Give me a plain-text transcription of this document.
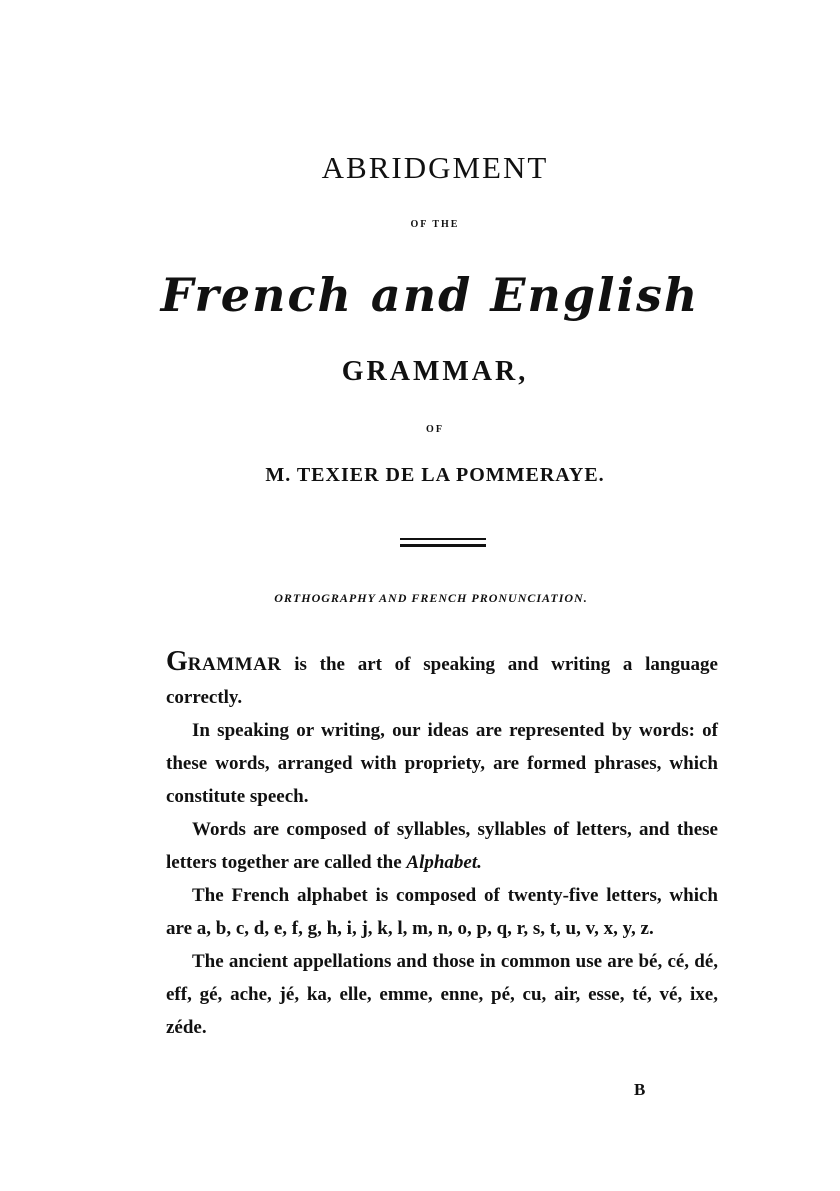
ABRIDGMENT
OF THE
French and English
GRAMMAR,
OF
M. TEXIER DE LA POMMERAYE.
ORTHOGRAPHY AND FRENCH PRONUNCIATION.

GRAMMAR is the art of speaking and writing a language correctly.

In speaking or writing, our ideas are represented by words: of these words, arranged with propriety, are formed phrases, which constitute speech.

Words are composed of syllables, syllables of letters, and these letters together are called the Alphabet.

The French alphabet is composed of twenty-five letters, which are a, b, c, d, e, f, g, h, i, j, k, l, m, n, o, p, q, r, s, t, u, v, x, y, z.

The ancient appellations and those in common use are bé, cé, dé, eff, gé, ache, jé, ka, elle, emme, enne, pé, cu, air, esse, té, vé, ixe, zéde.

B
